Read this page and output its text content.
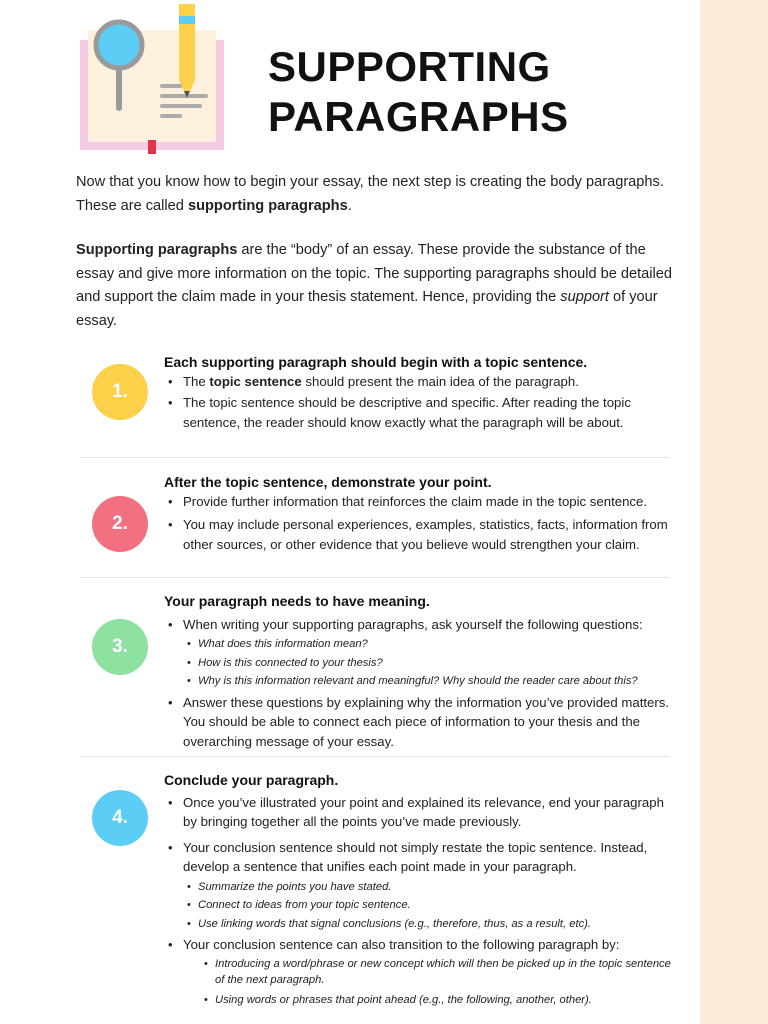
SUPPORTING
PARAGRAPHS

Now that you know how to begin your essay, the next step is creating the body paragraphs. These are called supporting paragraphs.

Supporting paragraphs are the “body” of an essay. These provide the substance of the essay and give more information on the topic. The supporting paragraphs should be detailed and support the claim made in your thesis statement. Hence, providing the support of your essay.

1.

Each supporting paragraph should begin with a topic sentence.

• The topic sentence should present the main idea of the paragraph.
• The topic sentence should be descriptive and specific. After reading the topic sentence, the reader should know exactly what the paragraph will be about.
2.

After the topic sentence, demonstrate your point.

• Provide further information that reinforces the claim made in the topic sentence.
• You may include personal experiences, examples, statistics, facts, information from other sources, or other evidence that you believe would strengthen your claim.
3.

Your paragraph needs to have meaning.

• When writing your supporting paragraphs, ask yourself the following questions:
• What does this information mean?
• How is this connected to your thesis?
• Why is this information relevant and meaningful? Why should the reader care about this?
• Answer these questions by explaining why the information you’ve provided matters. You should be able to connect each piece of information to your thesis and the overarching message of your essay.
4.

Conclude your paragraph.

• Once you’ve illustrated your point and explained its relevance, end your paragraph by bringing together all the points you’ve made previously.
• Your conclusion sentence should not simply restate the topic sentence. Instead, develop a sentence that unifies each point made in your paragraph.
• Summarize the points you have stated.
• Connect to ideas from your topic sentence.
• Use linking words that signal conclusions (e.g., therefore, thus, as a result, etc).
• Your conclusion sentence can also transition to the following paragraph by:
• Introducing a word/phrase or new concept which will then be picked up in the topic sentence of the next paragraph.
• Using words or phrases that point ahead (e.g., the following, another, other).
